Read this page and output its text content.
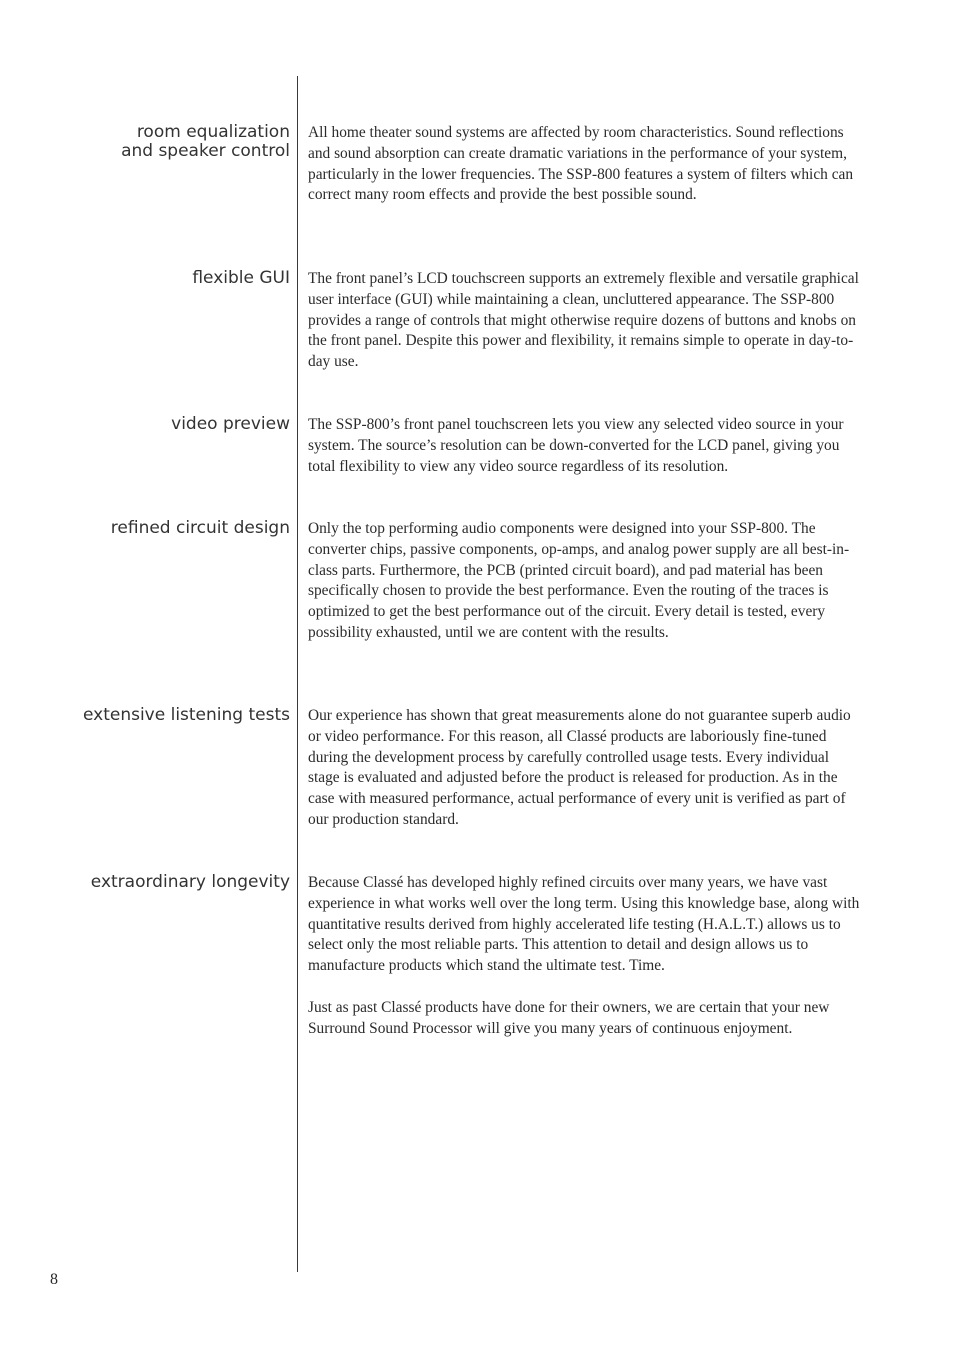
room equalization
and speaker control

All home theater sound systems are affected by room characteristics. Sound reflections and sound absorption can create dramatic variations in the performance of your system, particularly in the lower frequencies. The SSP-800 features a system of filters which can correct many room effects and provide the best possible sound.

flexible GUI The front panel’s LCD touchscreen supports an extremely flexible and versatile graphical user interface (GUI) while maintaining a clean, uncluttered appearance. The SSP-800 provides a range of controls that might otherwise require dozens of buttons and knobs on the front panel. Despite this power and flexibility, it remains simple to operate in day-to-day use.

video preview The SSP-800’s front panel touchscreen lets you view any selected video source in your system. The source’s resolution can be down-converted for the LCD panel, giving you total flexibility to view any video source regardless of its resolution.

refined circuit design Only the top performing audio components were designed into your SSP-800. The converter chips, passive components, op-amps, and analog power supply are all best-in-class parts. Furthermore, the PCB (printed circuit board), and pad material has been specifically chosen to provide the best performance. Even the routing of the traces is optimized to get the best performance out of the circuit. Every detail is tested, every possibility exhausted, until we are content with the results.

extensive listening tests Our experience has shown that great measurements alone do not guarantee superb audio or video performance. For this reason, all Classé products are laboriously fine-tuned during the development process by carefully controlled usage tests. Every individual stage is evaluated and adjusted before the product is released for production. As in the case with measured performance, actual performance of every unit is verified as part of our production standard.

extraordinary longevity Because Classé has developed highly refined circuits over many years, we have vast experience in what works well over the long term. Using this knowledge base, along with quantitative results derived from highly accelerated life testing (H.A.L.T.) allows us to select only the most reliable parts. This attention to detail and design allows us to manufacture products which stand the ultimate test. Time.

Just as past Classé products have done for their owners, we are certain that your new Surround Sound Processor will give you many years of continuous enjoyment.

8
